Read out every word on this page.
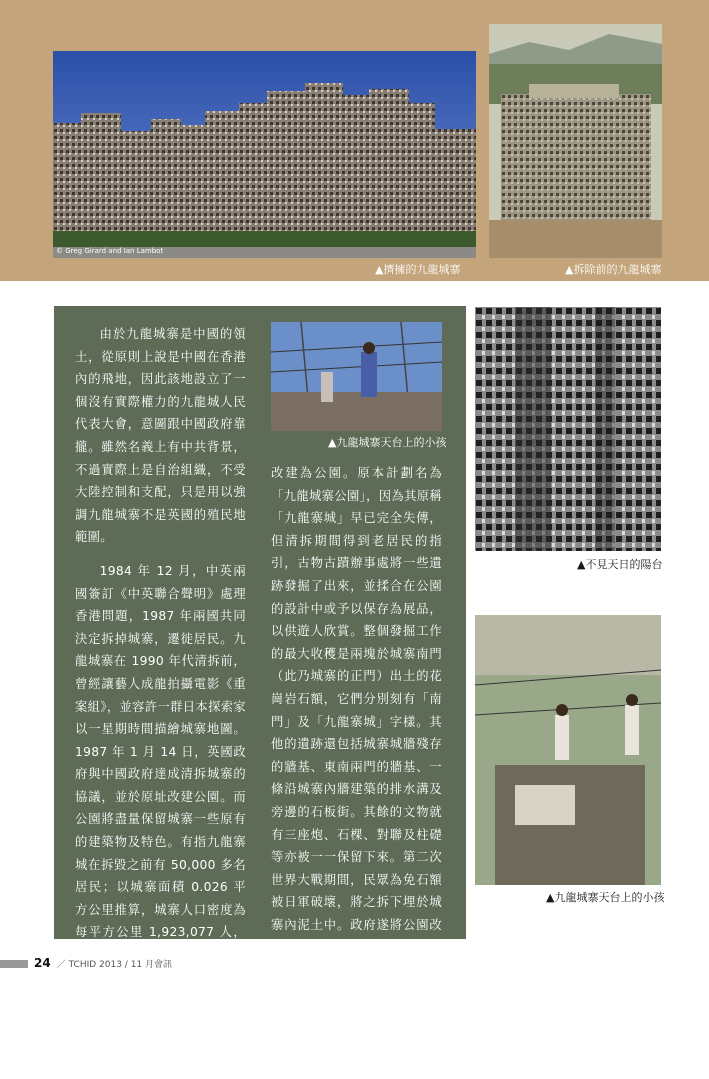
© Greg Girard and Ian Lambot
▲擠擁的九龍城寨	▲拆除前的九龍城寨
▲九龍城寨天台上的小孩

由於九龍城寨是中國的領土，從原則上說是中國在香港內的飛地，因此該地設立了一個沒有實際權力的九龍城人民代表大會，意圖跟中國政府靠攏。雖然名義上有中共背景，不過實際上是自治組織，不受大陸控制和支配，只是用以強調九龍城寨不是英國的殖民地範圍。

1984 年 12 月，中英兩國簽訂《中英聯合聲明》處理香港問題，1987 年兩國共同決定拆掉城寨，遷徙居民。九龍城寨在 1990 年代清拆前，曾經讓藝人成龍拍攝電影《重案組》，並容許一群日本探索家以一星期時間描繪城寨地圖。1987 年 1 月 14 日，英國政府與中國政府達成清拆城寨的協議，並於原址改建公園。而公園將盡量保留城寨一些原有的建築物及特色。有指九龍寨城在拆毀之前有 50,000 多名居民；以城寨面積 0.026 平方公里推算，城寨人口密度為每平方公里 1,923,077 人，是全世界人口密度最高的地方。

九龍寨城清拆工程於 1994 年 4 月完成，香港政府將原址

改建為公園。原本計劃名為「九龍城寨公園」，因為其原稱「九龍寨城」早已完全失傳，但清拆期間得到老居民的指引，古物古蹟辦事處將一些遺跡發掘了出來，並揉合在公園的設計中或予以保存為展品，以供遊人欣賞。整個發掘工作的最大收穫是兩塊於城寨南門（此乃城寨的正門）出土的花崗岩石額，它們分別刻有「南門」及「九龍寨城」字樣。其他的遺跡還包括城寨城牆殘存的牆基、東南兩門的牆基、一條沿城寨內牆建築的排水溝及旁邊的石板街。其餘的文物就有三座炮、石棵、對聯及柱礎等亦被一一保留下來。第二次世界大戰期間，民眾為免石額被日軍破壞，將之拆下埋於城寨內泥土中。政府遂將公園改名為九龍寨城公園。

▲不見天日的陽台
▲九龍城寨天台上的小孩
24 ／ TCHID 2013 / 11 月會訊
